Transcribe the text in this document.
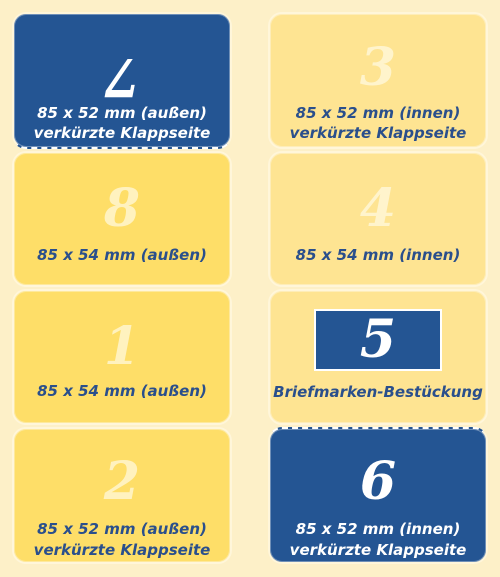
7
85 x 52 mm (außen)
verkürzte Klappseite
8
85 x 54 mm (außen)
1
85 x 54 mm (außen)
2
85 x 52 mm (außen)
verkürzte Klappseite
3
85 x 52 mm (innen)
verkürzte Klappseite
4
85 x 54 mm (innen)
5
Briefmarken-Bestückung
6
85 x 52 mm (innen)
verkürzte Klappseite
